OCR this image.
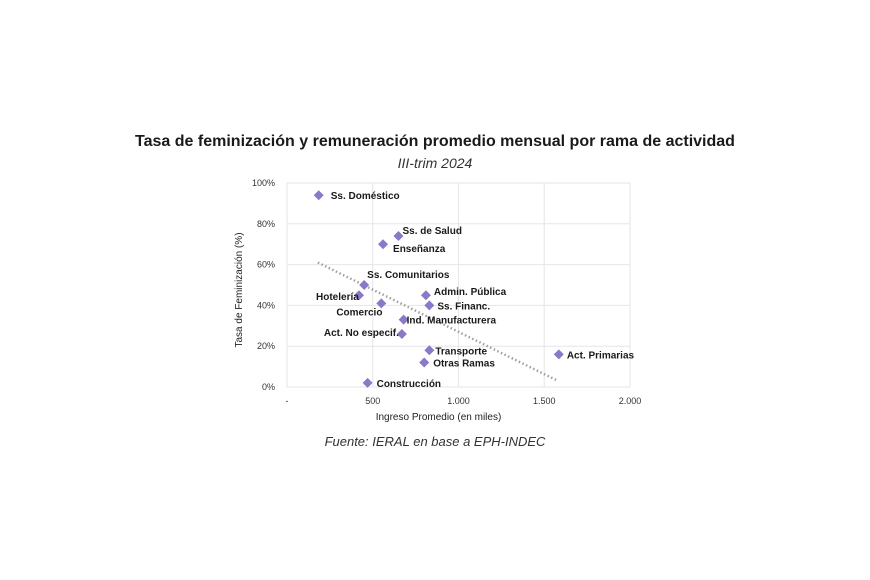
Tasa de feminización y remuneración promedio mensual por rama de actividad
III-trim 2024
0%
20%
40%
60%
80%
100%
-	500	1.000	1.500	2.000
Ss. Doméstico
Ss. de Salud
Enseñanza
Ss. Comunitarios
Admin. Pública
Hotelería
Comercio
Ss. Financ.
Ind. Manufacturera
Act. No especif.
Transporte
Otras Ramas
Act. Primarias
Construcción
Ingreso Promedio (en miles)
Tasa de Feminización (%)
Fuente: IERAL en base a EPH-INDEC
